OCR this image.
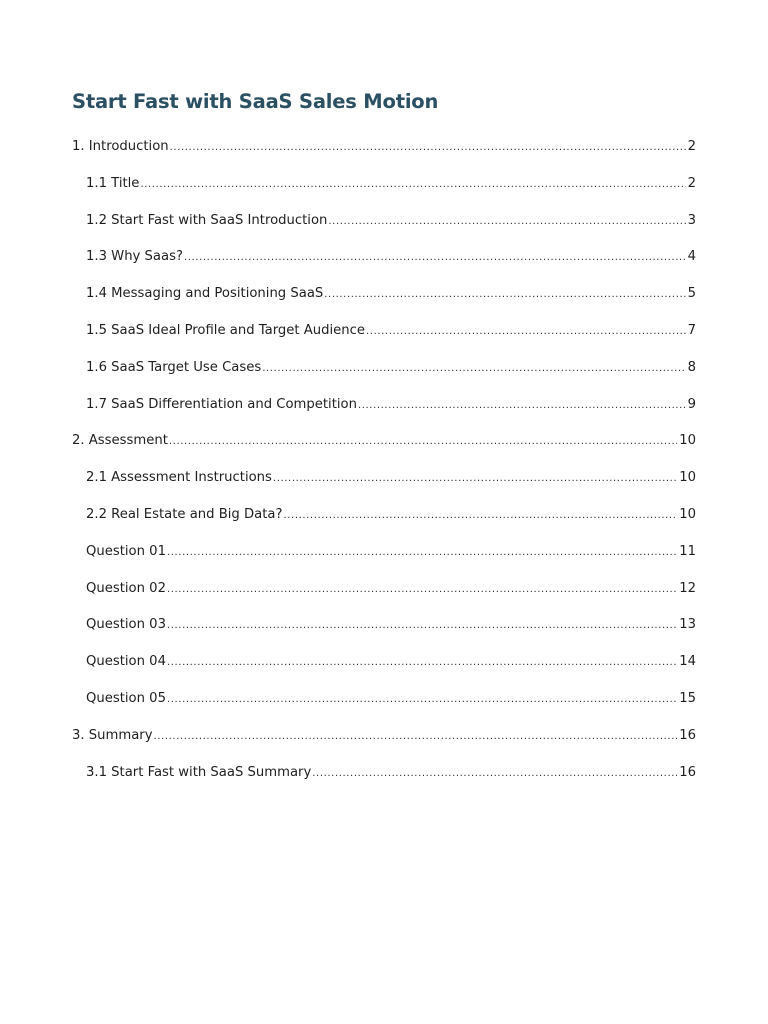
Start Fast with SaaS Sales Motion
1. Introduction .....	2
1.1 Title .....	2
1.2 Start Fast with SaaS Introduction .....	3
1.3 Why Saas? .....	4
1.4 Messaging and Positioning SaaS .....	5
1.5 SaaS Ideal Profile and Target Audience .....	7
1.6 SaaS Target Use Cases .....	8
1.7 SaaS Differentiation and Competition .....	9
2. Assessment .....	10
2.1 Assessment Instructions .....	10
2.2 Real Estate and Big Data? .....	10
Question 01 .....	11
Question 02 .....	12
Question 03 .....	13
Question 04 .....	14
Question 05 .....	15
3. Summary .....	16
3.1 Start Fast with SaaS Summary .....	16
